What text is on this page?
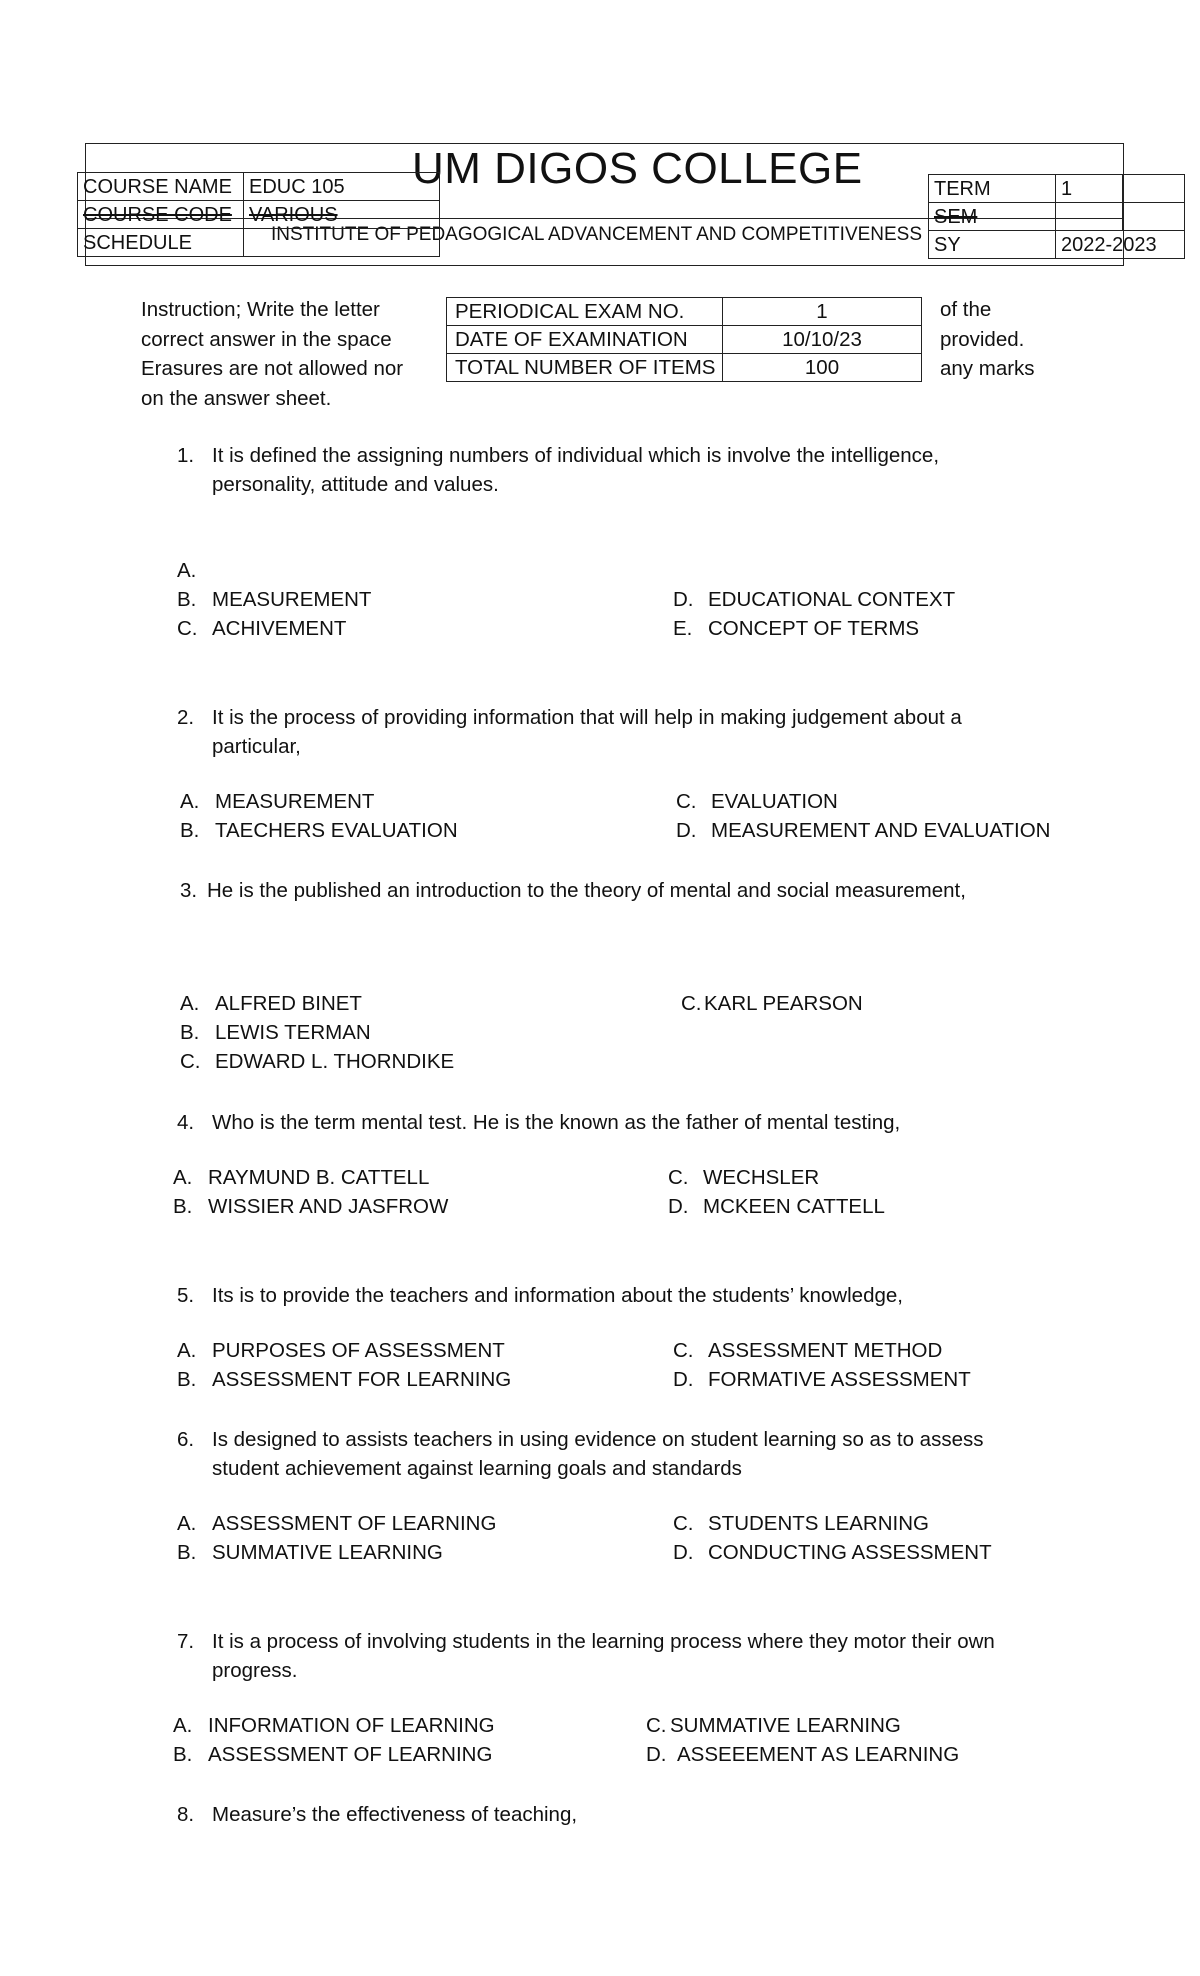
UM DIGOS COLLEGE
INSTITUTE OF PEDAGOGICAL ADVANCEMENT AND COMPETITIVENESS
COURSE NAME	EDUC 105
COURSE CODE	VARIOUS
SCHEDULE	
TERM	1	
SEM		
SY	2022-2023	
Instruction; Write the letter
correct answer in the space
Erasures are not allowed nor
on the answer sheet.
PERIODICAL EXAM NO.	1
DATE OF EXAMINATION	10/10/23
TOTAL NUMBER OF ITEMS	100
of the
provided.
any marks
1. It is defined the assigning numbers of individual which is involve the intelligence,
personality, attitude and values.
A.
B. MEASUREMENT
C. ACHIVEMENT
D. EDUCATIONAL CONTEXT
E. CONCEPT OF TERMS
2. It is the process of providing information that will help in making judgement about a
particular,
A. MEASUREMENT
B. TAECHERS EVALUATION
C. EVALUATION
D. MEASUREMENT AND EVALUATION
3. He is the published an introduction to the theory of mental and social measurement,
A. ALFRED BINET
B. LEWIS TERMAN
C. EDWARD L. THORNDIKE
C. KARL PEARSON
4. Who is the term mental test. He is the known as the father of mental testing,
A. RAYMUND B. CATTELL
B. WISSIER AND JASFROW
C. WECHSLER
D. MCKEEN CATTELL
5. Its is to provide the teachers and information about the students’ knowledge,
A. PURPOSES OF ASSESSMENT
B. ASSESSMENT FOR LEARNING
C. ASSESSMENT METHOD
D. FORMATIVE ASSESSMENT
6. Is designed to assists teachers in using evidence on student learning so as to assess
student achievement against learning goals and standards
A. ASSESSMENT OF LEARNING
B. SUMMATIVE LEARNING
C. STUDENTS LEARNING
D. CONDUCTING ASSESSMENT
7. It is a process of involving students in the learning process where they motor their own
progress.
A. INFORMATION OF LEARNING
B. ASSESSMENT OF LEARNING
C. SUMMATIVE LEARNING
D. ASSEEEMENT AS LEARNING
8. Measure’s the effectiveness of teaching,
